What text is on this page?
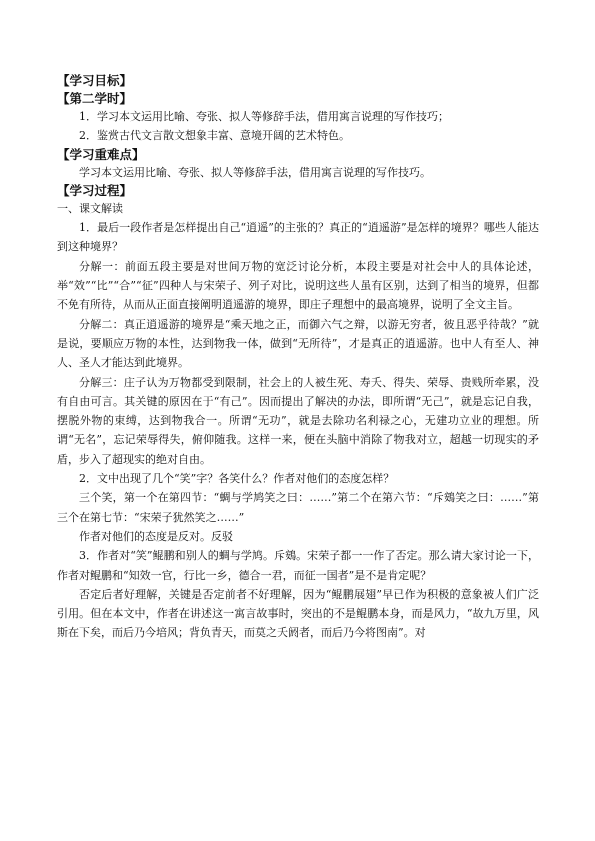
【学习目标】
【第二学时】

1．学习本文运用比喻、夸张、拟人等修辞手法，借用寓言说理的写作技巧；

2．鉴赏古代文言散文想象丰富、意境开阔的艺术特色。

【学习重难点】

学习本文运用比喻、夸张、拟人等修辞手法，借用寓言说理的写作技巧。

【学习过程】

一、课文解读

1．最后一段作者是怎样提出自己“逍遥”的主张的？真正的“逍遥游”是怎样的境界？哪些人能达到这种境界？

分解一：前面五段主要是对世间万物的宽泛讨论分析，本段主要是对社会中人的具体论述，举“效”“比”“合”“征”四种人与宋荣子、列子对比，说明这些人虽有区别，达到了相当的境界，但都不免有所待，从而从正面直接阐明逍遥游的境界，即庄子理想中的最高境界，说明了全文主旨。

分解二：真正逍遥游的境界是“乘天地之正，而御六气之辩，以游无穷者，彼且恶乎待哉？”就是说，要顺应万物的本性，达到物我一体，做到“无所待”，才是真正的逍遥游。也中人有至人、神人、圣人才能达到此境界。

分解三：庄子认为万物都受到限制，社会上的人被生死、寿夭、得失、荣辱、贵贱所牵累，没有自由可言。其关键的原因在于“有己”。因而提出了解决的办法，即所谓“无己”，就是忘记自我，摆脱外物的束缚，达到物我合一。所谓“无功”，就是去除功名利禄之心，无建功立业的理想。所谓“无名”，忘记荣辱得失，俯仰随我。这样一来，便在头脑中消除了物我对立，超越一切现实的矛盾，步入了超现实的绝对自由。

2．文中出现了几个“笑”字？各笑什么？作者对他们的态度怎样？

三个笑，第一个在第四节：“蜩与学鸠笑之曰：……”第二个在第六节：“斥鴳笑之曰：……”第三个在第七节：“宋荣子犹然笑之……”

作者对他们的态度是反对。反驳

3．作者对“笑”鲲鹏和别人的蜩与学鸠。斥鴳。宋荣子都一一作了否定。那么请大家讨论一下，作者对鲲鹏和“知效一官，行比一乡，德合一君，而征一国者”是不是肯定呢？

否定后者好理解，关键是否定前者不好理解，因为“鲲鹏展翅”早已作为积极的意象被人们广泛引用。但在本文中，作者在讲述这一寓言故事时，突出的不是鲲鹏本身，而是风力，“故九万里，风斯在下矣，而后乃今培风；背负青天，而莫之夭阏者，而后乃今将图南”。对
